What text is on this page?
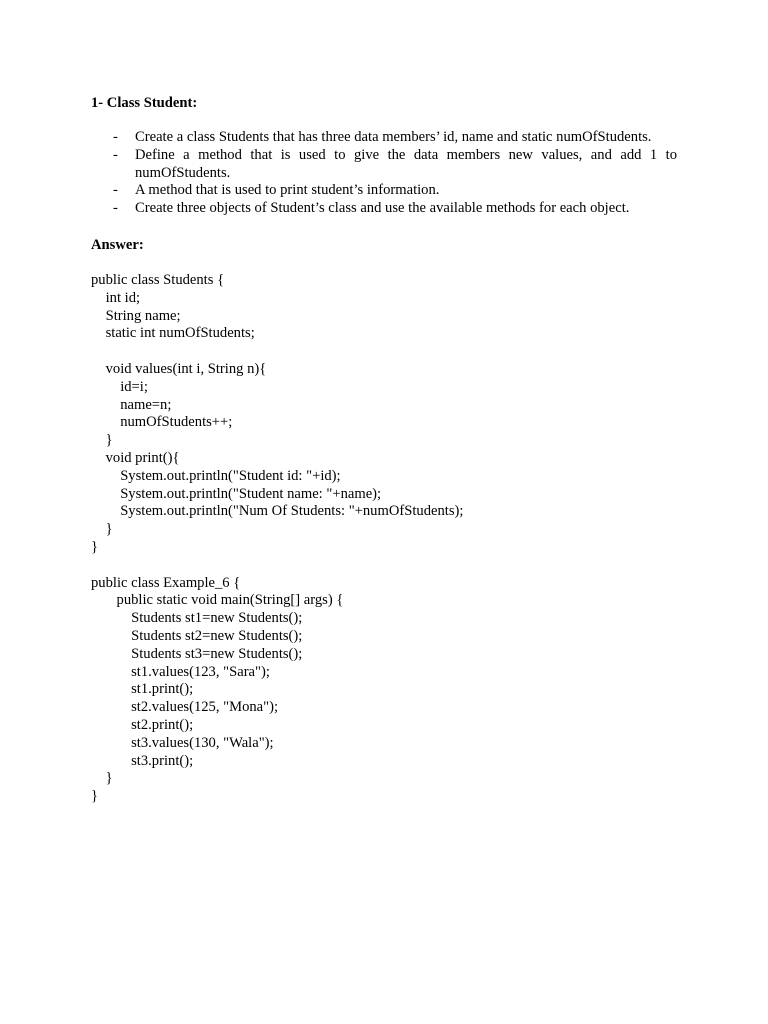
1- Class Student:

- Create a class Students that has three data members’ id, name and static numOfStudents.
- Define a method that is used to give the data members new values, and add 1 to numOfStudents.
- A method that is used to print student’s information.
- Create three objects of Student’s class and use the available methods for each object.

Answer:

public class Students {
int id;
String name;
static int numOfStudents;
void values(int i, String n){
id=i;
name=n;
numOfStudents++;
}
void print(){
System.out.println("Student id: "+id);
System.out.println("Student name: "+name);
System.out.println("Num Of Students: "+numOfStudents);
}
}
public class Example_6 {
public static void main(String[] args) {
Students st1=new Students();
Students st2=new Students();
Students st3=new Students();
st1.values(123, "Sara");
st1.print();
st2.values(125, "Mona");
st2.print();
st3.values(130, "Wala");
st3.print();
}
}
